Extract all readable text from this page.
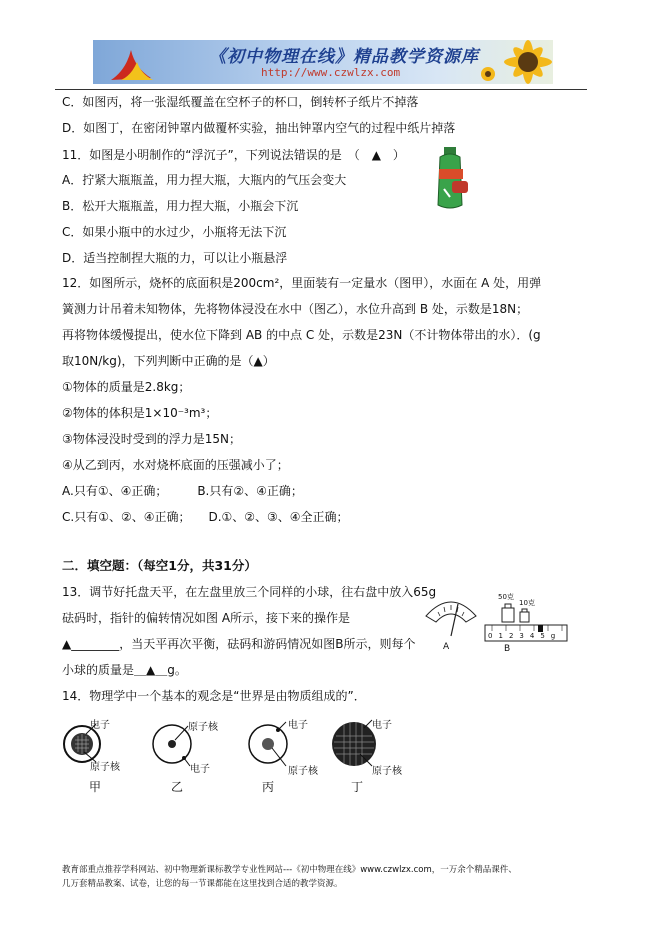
《初中物理在线》精品教学资源库
http://www.czwlzx.com
C．如图丙，将一张湿纸覆盖在空杯子的杯口，倒转杯子纸片不掉落
D．如图丁，在密闭钟罩内做覆杯实验，抽出钟罩内空气的过程中纸片掉落
11．如图是小明制作的“浮沉子”，下列说法错误的是　（　▲　）
A．拧紧大瓶瓶盖，用力捏大瓶，大瓶内的气压会变大
B．松开大瓶瓶盖，用力捏大瓶，小瓶会下沉
C．如果小瓶中的水过少，小瓶将无法下沉
D．适当控制捏大瓶的力，可以让小瓶悬浮
12．如图所示，烧杯的底面积是200cm²，里面装有一定量水（图甲），水面在 A 处，用弹
簧测力计吊着未知物体，先将物体浸没在水中（图乙），水位升高到 B 处，示数是18N；
再将物体缓慢提出，使水位下降到 AB 的中点 C 处，示数是23N（不计物体带出的水）．(g
取10N/kg)，下列判断中正确的是（▲）
①物体的质量是2.8kg；
②物体的体积是1×10⁻³m³；
③物体浸没时受到的浮力是15N；
④从乙到丙，水对烧杯底面的压强减小了；
A.只有①、④正确；　　　B.只有②、④正确；
C.只有①、②、④正确；　　D.①、②、③、④全正确；
二．填空题：（每空1分，共31分）
13．调节好托盘天平，在左盘里放三个同样的小球，往右盘中放入65g
砝码时，指针的偏转情况如图 A所示，接下来的操作是
▲________，当天平再次平衡，砝码和游码情况如图B所示，则每个
小球的质量是＿▲＿g。
A
50克
10克
012345g
B
14．物理学中一个基本的观念是“世界是由物质组成的”．
电子
原子核
甲
原子核
电子
乙
电子
原子核
丙
电子
原子核
丁
教育部重点推荐学科网站、初中物理新课标教学专业性网站---《初中物理在线》www.czwlzx.com，一万余个精品课件、
几万套精品教案、试卷，让您的每一节课都能在这里找到合适的教学资源。
